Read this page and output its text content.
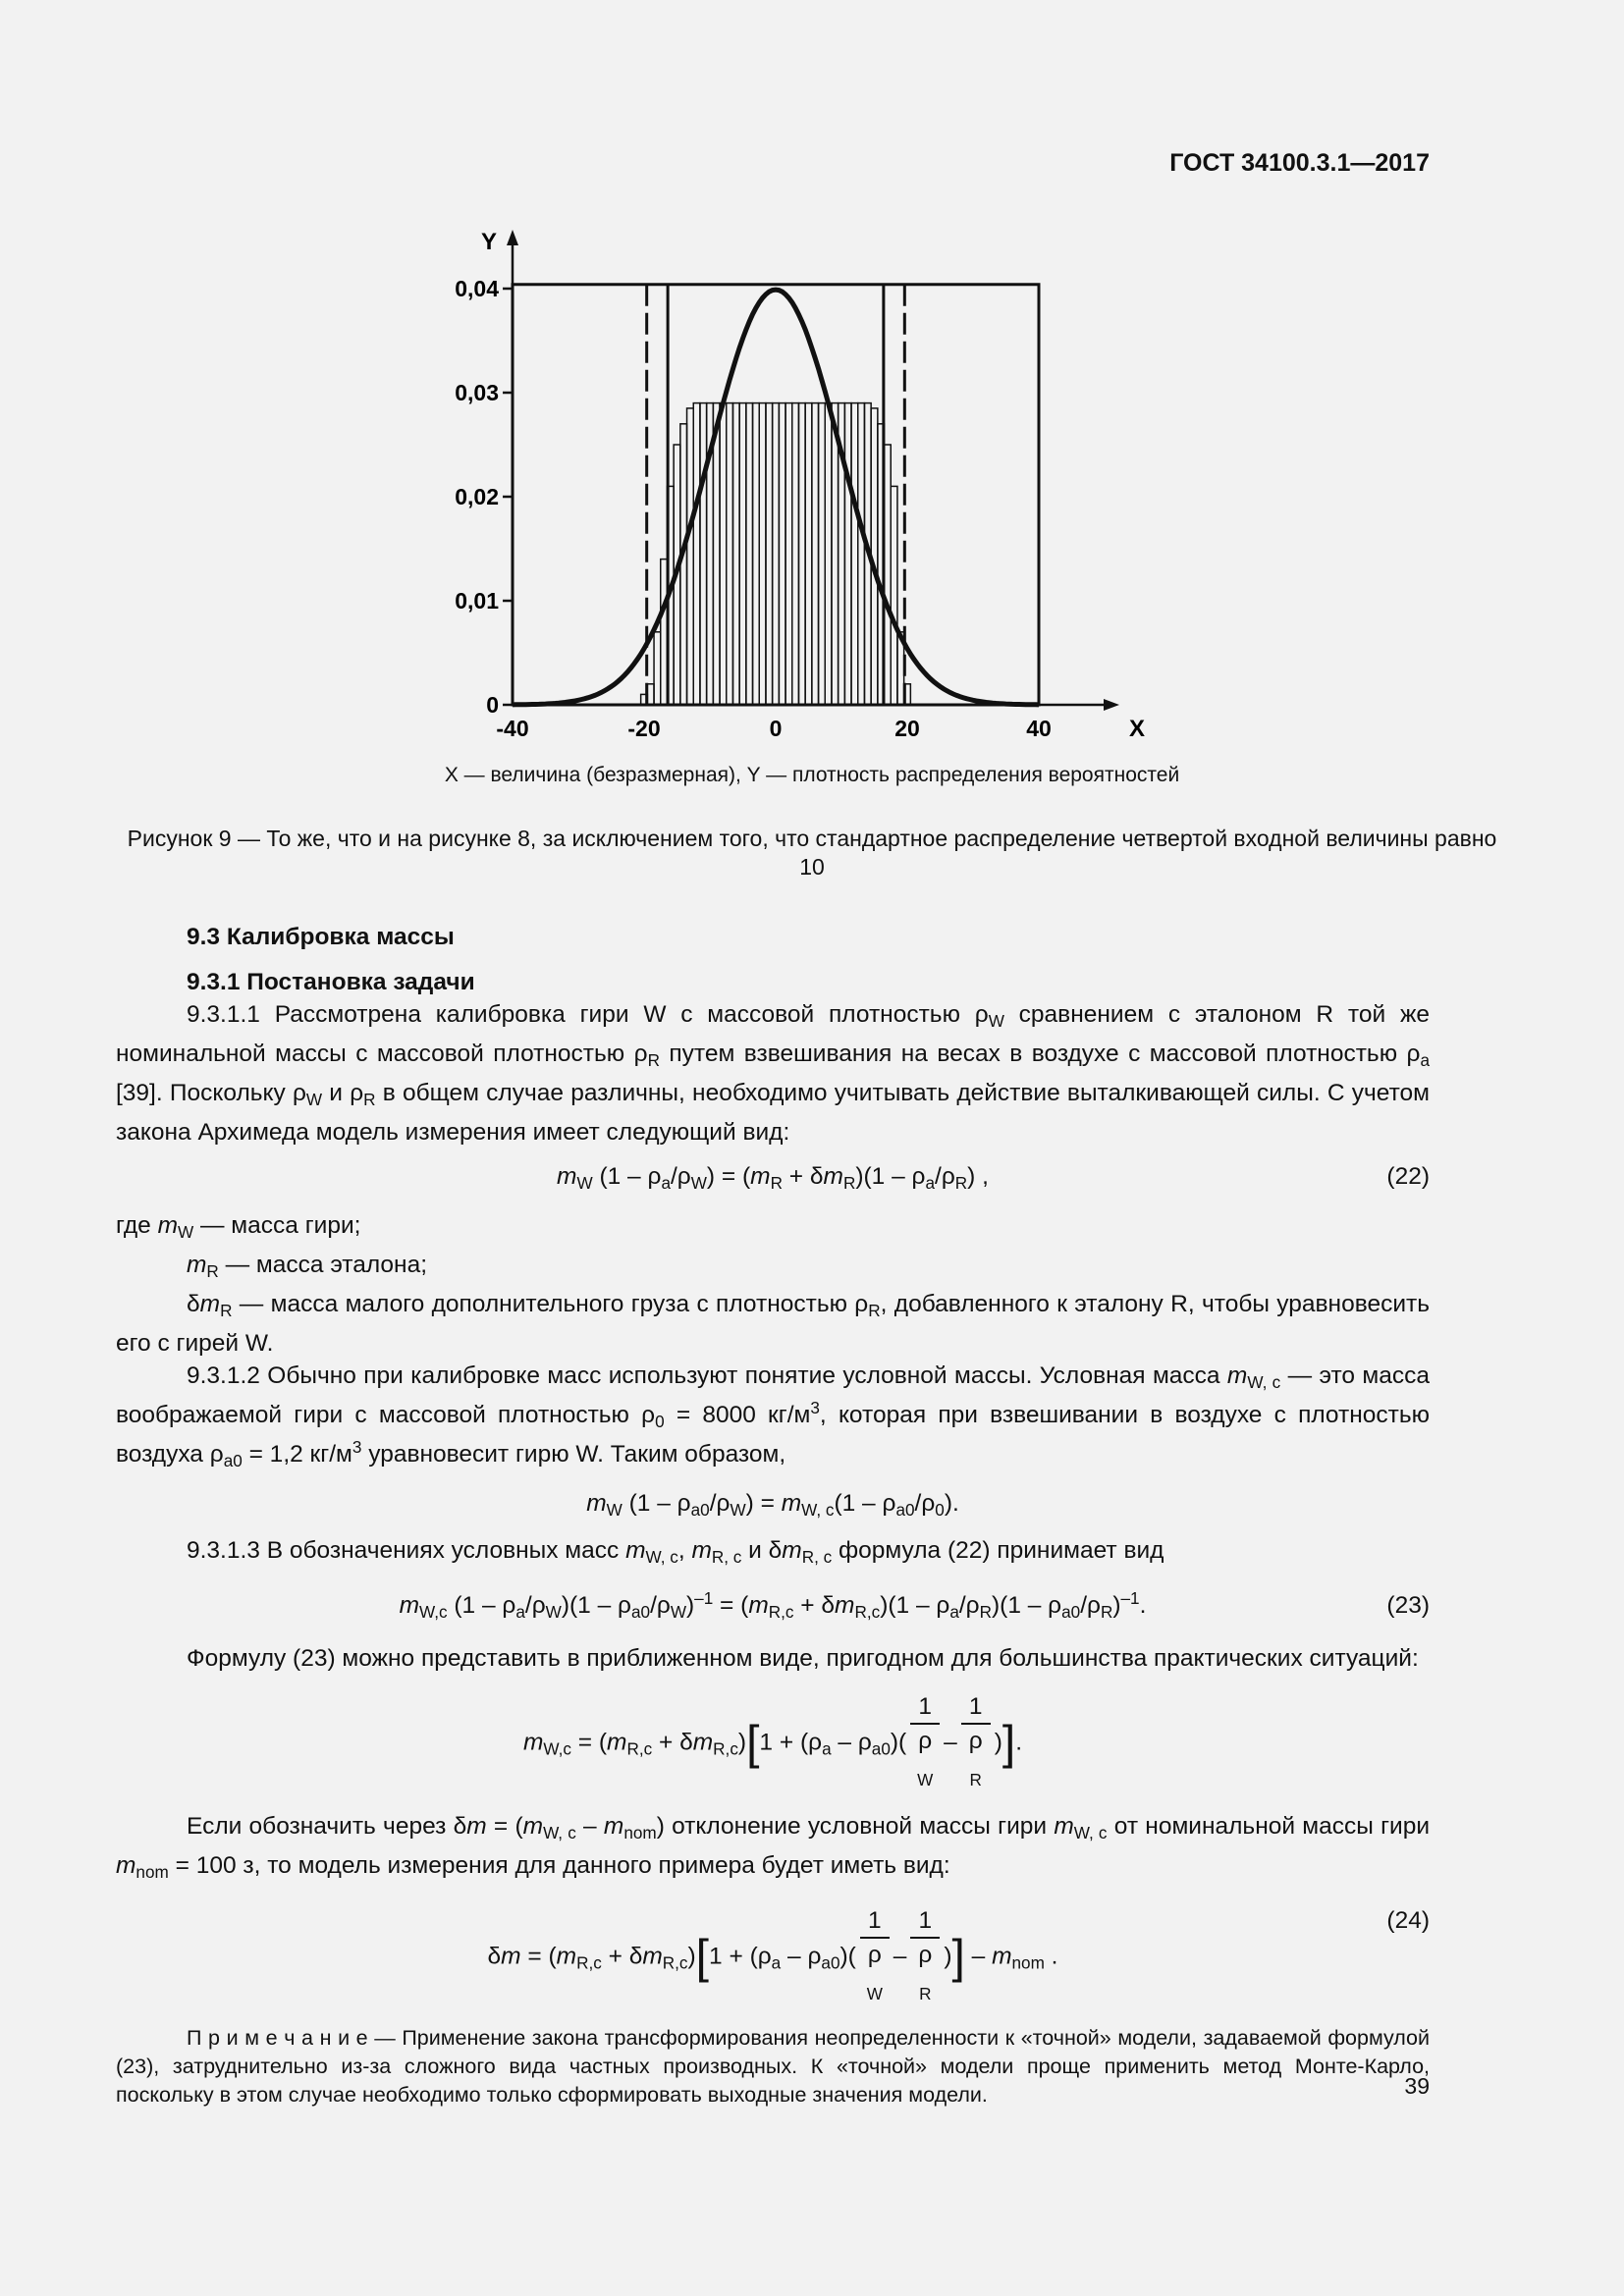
ГОСТ 34100.3.1—2017
X
Y
-40	-20	0	20	40
0
0,01
0,02
0,03
0,04
X — величина (безразмерная), Y — плотность распределения вероятностей
Рисунок 9 — То же, что и на рисунке 8, за исключением того, что стандартное распределение четвертой входной величины равно 10

9.3 Калибровка массы

9.3.1 Постановка задачи

9.3.1.1 Рассмотрена калибровка гири W с массовой плотностью $\rho_W$ сравнением с эталоном R той же номинальной массы с массовой плотностью $\rho_R$ путем взвешивания на весах в воздухе с массовой плотностью $\rho_a$ [39]. Поскольку $\rho_W$ и $\rho_R$ в общем случае различны, необходимо учитывать действие выталкивающей силы. С учетом закона Архимеда модель измерения имеет следующий вид:

$m_W$ $(1 - \rho_a/\rho_W) = (m_R + \delta m_R)(1 - \rho_a/\rho_R)$ ,	(22)

где $m_W$ — масса гири;

$m_R$ — масса эталона;

$\delta m_R$ — масса малого дополнительного груза с плотностью $\rho_R$, добавленного к эталону R, чтобы уравновесить его с гирей W.

9.3.1.2 Обычно при калибровке масс используют понятие условной массы. Условная масса $m_{W, c}$ — это масса воображаемой гири с массовой плотностью $\rho_0 = 8000$ $кг/м^3$, которая при взвешивании в воздухе с плотностью воздуха $\rho_{a0} = 1,2$ $кг/м^3$ уравновесит гирю W. Таким образом,

$m_W$ $(1 - \rho_{a0}/\rho_W) = m_{W, c}(1 - \rho_{a0}/\rho_0)$.

9.3.1.3 В обозначениях условных масс $m_{W, c}$, $m_{R, c}$ и $\delta m_{R, c}$ формула (22) принимает вид

$m_{W,c}$ $(1 - \rho_a/\rho_W)(1 - \rho_{a0}/\rho_W)^{-1} = (m_{R,c} + \delta m_{R,c})(1 - \rho_a/\rho_R)(1 - \rho_{a0}/\rho_R)^{-1}$.	(23)

Формулу (23) можно представить в приближенном виде, пригодном для большинства практических ситуаций:

$m_{W,c} = (m_{R,c} + \delta m_{R,c})[1 + (\rho_a - \rho_{a0})$( 1
ρ
$_W$ – 1
ρ
$_R$ )].

Если обозначить через $\delta m = (m_{W, c} - m_{nom})$ отклонение условной массы гири $m_{W, c}$ от номинальной массы гири $m_{nom} = 100$ з, то модель измерения для данного примера будет иметь вид:

$\delta m = (m_{R,c} + \delta m_{R,c})[1 + (\rho_a - \rho_{a0})$( 1
ρ
$_W$ – 1
ρ
$_R$ )] – $m_{nom}$ .
(24)

П р и м е ч а н и е — Применение закона трансформирования неопределенности к «точной» модели, задаваемой формулой (23), затруднительно из-за сложного вида частных производных. К «точной» модели проще применить метод Монте-Карло, поскольку в этом случае необходимо только сформировать выходные значения модели.	39
